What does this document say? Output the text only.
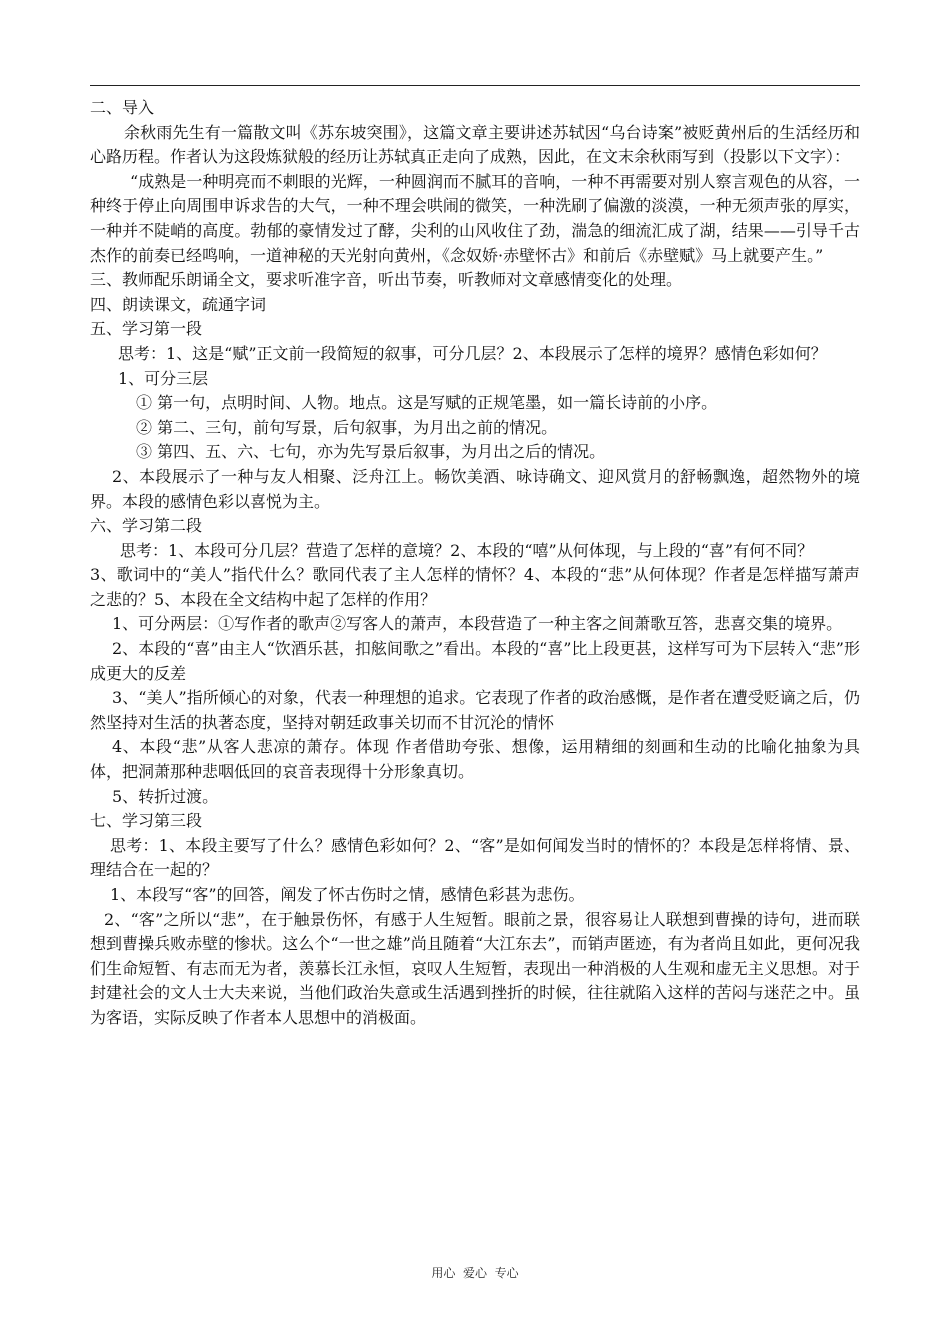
二、导入

余秋雨先生有一篇散文叫《苏东坡突围》，这篇文章主要讲述苏轼因“乌台诗案”被贬黄州后的生活经历和心路历程。作者认为这段炼狱般的经历让苏轼真正走向了成熟，因此，在文末余秋雨写到（投影以下文字）：

“成熟是一种明亮而不刺眼的光辉，一种圆润而不腻耳的音响，一种不再需要对别人察言观色的从容，一种终于停止向周围申诉求告的大气，一种不理会哄闹的微笑，一种洗刷了偏激的淡漠，一种无须声张的厚实，一种并不陡峭的高度。勃郁的豪情发过了酵，尖利的山风收住了劲，湍急的细流汇成了湖，结果——引导千古杰作的前奏已经鸣响，一道神秘的天光射向黄州，《念奴娇·赤壁怀古》和前后《赤壁赋》马上就要产生。”

三、教师配乐朗诵全文，要求听准字音，听出节奏，听教师对文章感情变化的处理。

四、朗读课文，疏通字词

五、学习第一段

思考：1、这是“赋”正文前一段简短的叙事，可分几层？2、本段展示了怎样的境界？感情色彩如何？

1、可分三层

① 第一句，点明时间、人物。地点。这是写赋的正规笔墨，如一篇长诗前的小序。

② 第二、三句，前句写景，后句叙事，为月出之前的情况。

③ 第四、五、六、七句，亦为先写景后叙事，为月出之后的情况。

2、本段展示了一种与友人相聚、泛舟江上。畅饮美酒、咏诗确文、迎风赏月的舒畅飘逸，超然物外的境界。本段的感情色彩以喜悦为主。

六、学习第二段

思考：1、本段可分几层？营造了怎样的意境？2、本段的“嘻”从何体现，与上段的“喜”有何不同？

3、歌词中的“美人”指代什么？歌同代表了主人怎样的情怀？4、本段的“悲”从何体现？作者是怎样描写萧声之悲的？5、本段在全文结构中起了怎样的作用？

1、可分两层：①写作者的歌声②写客人的萧声，本段营造了一种主客之间萧歌互答，悲喜交集的境界。

2、本段的“喜”由主人“饮酒乐甚，扣舷间歌之”看出。本段的“喜”比上段更甚，这样写可为下层转入“悲”形成更大的反差

3、“美人”指所倾心的对象，代表一种理想的追求。它表现了作者的政治感慨，是作者在遭受贬谪之后，仍然坚持对生活的执著态度，坚持对朝廷政事关切而不甘沉沦的情怀

4、本段“悲”从客人悲凉的萧存。体现 作者借助夸张、想像，运用精细的刻画和生动的比喻化抽象为具体，把洞萧那种悲咽低回的哀音表现得十分形象真切。

5、转折过渡。

七、学习第三段

思考：1、本段主要写了什么？感情色彩如何？2、“客”是如何闻发当时的情怀的？本段是怎样将情、景、理结合在一起的？

1、本段写“客”的回答，阐发了怀古伤时之情，感情色彩甚为悲伤。

2、“客”之所以“悲”，在于触景伤怀，有感于人生短暂。眼前之景，很容易让人联想到曹操的诗句，进而联想到曹操兵败赤壁的惨状。这么个“一世之雄”尚且随着“大江东去”，而销声匿迹，有为者尚且如此，更何况我们生命短暂、有志而无为者，羡慕长江永恒，哀叹人生短暂，表现出一种消极的人生观和虚无主义思想。对于封建社会的文人士大夫来说，当他们政治失意或生活遇到挫折的时候，往往就陷入这样的苦闷与迷茫之中。虽为客语，实际反映了作者本人思想中的消极面。

用心  爱心  专心
